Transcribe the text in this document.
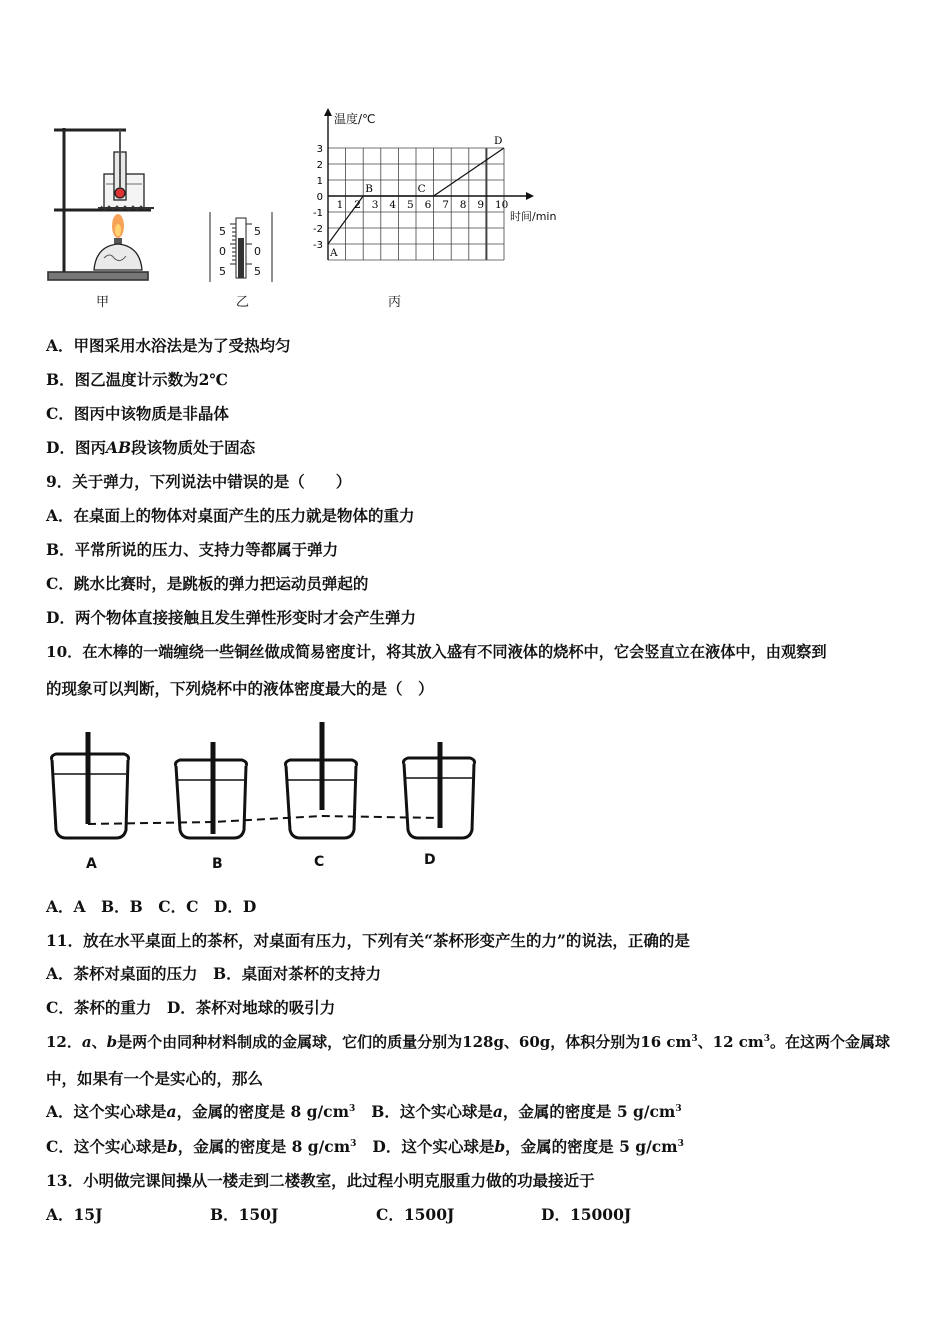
甲
5
0
5
5
0
5
乙
3
2
1
0
-1
-2
-3
1 2 3 4 5 6 7 8 9 10
A
B	C
D
温度/℃
时间/min
丙
A．甲图采用水浴法是为了受热均匀
B．图乙温度计示数为2℃
C．图丙中该物质是非晶体
D．图丙AB段该物质处于固态
9．关于弹力，下列说法中错误的是（　　）
A．在桌面上的物体对桌面产生的压力就是物体的重力
B．平常所说的压力、支持力等都属于弹力
C．跳水比赛时，是跳板的弹力把运动员弹起的
D．两个物体直接接触且发生弹性形变时才会产生弹力
10．在木棒的一端缠绕一些铜丝做成简易密度计，将其放入盛有不同液体的烧杯中，它会竖直立在液体中，由观察到
的现象可以判断，下列烧杯中的液体密度最大的是（　）
A	B	C	D
A．A　B．B　C．C　D．D
11．放在水平桌面上的茶杯，对桌面有压力，下列有关“茶杯形变产生的力”的说法，正确的是
A．茶杯对桌面的压力　B．桌面对茶杯的支持力
C．茶杯的重力　D．茶杯对地球的吸引力
12．a、b是两个由同种材料制成的金属球，它们的质量分别为128g、60g，体积分别为16 $cm^3$、12 $cm^3$。在这两个金属球
中，如果有一个是实心的，那么
A．这个实心球是a，金属的密度是 8 $g/cm^3$ B．这个实心球是a，金属的密度是 5 $g/cm^3$
C．这个实心球是b，金属的密度是 8 $g/cm^3$ D．这个实心球是b，金属的密度是 5 $g/cm^3$
13．小明做完课间操从一楼走到二楼教室，此过程小明克服重力做的功最接近于
A．15J	B．150J	C．1500J	D．15000J
